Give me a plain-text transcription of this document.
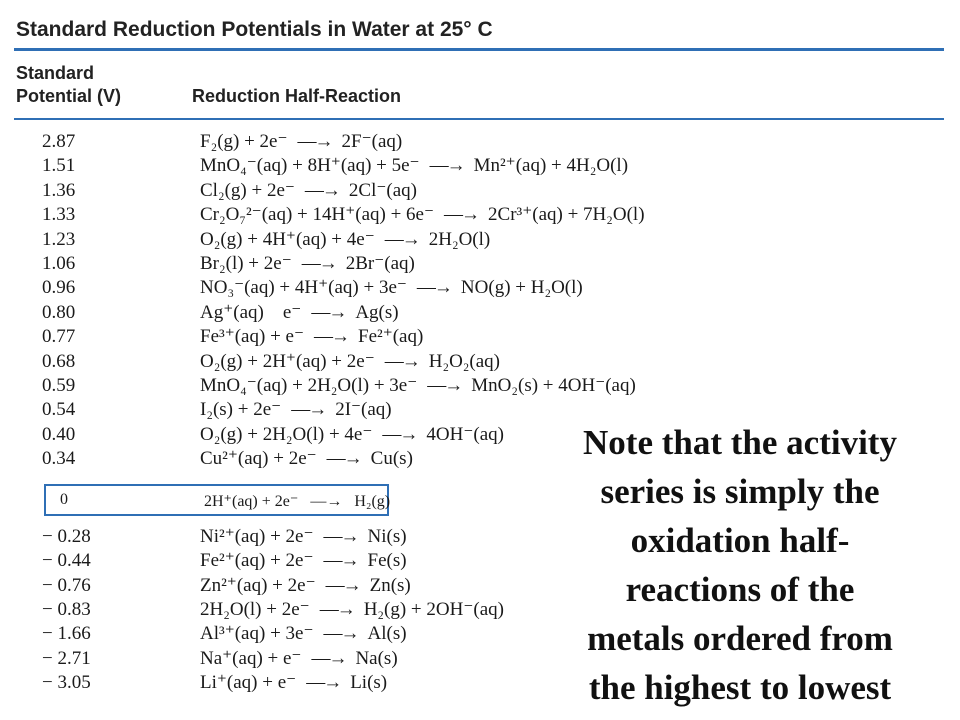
Standard Reduction Potentials in Water at 25° C
Standard
Potential (V)	Reduction Half-Reaction
2.87	F₂(g) + 2e⁻ —→ 2F⁻(aq)
1.51	MnO₄⁻(aq) + 8H⁺(aq) + 5e⁻ —→ Mn²⁺(aq) + 4H₂O(l)
1.36	Cl₂(g) + 2e⁻ —→ 2Cl⁻(aq)
1.33	Cr₂O₇²⁻(aq) + 14H⁺(aq) + 6e⁻ —→ 2Cr³⁺(aq) + 7H₂O(l)
1.23	O₂(g) + 4H⁺(aq) + 4e⁻ —→ 2H₂O(l)
1.06	Br₂(l) + 2e⁻ —→ 2Br⁻(aq)
0.96	NO₃⁻(aq) + 4H⁺(aq) + 3e⁻ —→ NO(g) + H₂O(l)
0.80	Ag⁺(aq)    e⁻ —→ Ag(s)
0.77	Fe³⁺(aq) + e⁻ —→ Fe²⁺(aq)
0.68	O₂(g) + 2H⁺(aq) + 2e⁻ —→ H₂O₂(aq)
0.59	MnO₄⁻(aq) + 2H₂O(l) + 3e⁻ —→ MnO₂(s) + 4OH⁻(aq)
0.54	I₂(s) + 2e⁻ —→ 2I⁻(aq)
0.40	O₂(g) + 2H₂O(l) + 4e⁻ —→ 4OH⁻(aq)
0.34	Cu²⁺(aq) + 2e⁻ —→ Cu(s)
0	2H⁺(aq) + 2e⁻ —→ H₂(g)
− 0.28	Ni²⁺(aq) + 2e⁻ —→ Ni(s)
− 0.44	Fe²⁺(aq) + 2e⁻ —→ Fe(s)
− 0.76	Zn²⁺(aq) + 2e⁻ —→ Zn(s)
− 0.83	2H₂O(l) + 2e⁻ —→ H₂(g) + 2OH⁻(aq)
− 1.66	Al³⁺(aq) + 3e⁻ —→ Al(s)
− 2.71	Na⁺(aq) + e⁻ —→ Na(s)
− 3.05	Li⁺(aq) + e⁻ —→ Li(s)
Note that the activity
series is simply the
oxidation half-
reactions of the
metals ordered from
the highest to lowest
